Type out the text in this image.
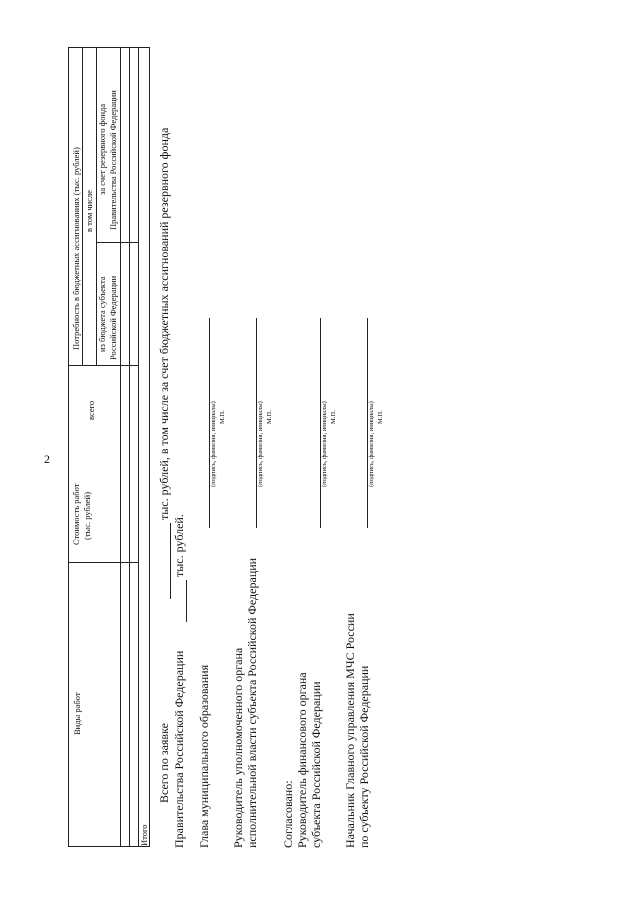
2
Виды работ
Стоимость работ (тыс. рублей)
Потребность в бюджетных ассигнованиях (тыс. рублей)
всего
в том числе
из бюджета субъекта Российской Федерации
за счет резервного фонда Правительства Российской Федерации
Итого
Всего по заявке
тыс. рублей, в том числе за счет бюджетных ассигнований резервного фонда
Правительства Российской Федерации
тыс. рублей.
Глава муниципального образования
(подпись, фамилия, инициалы) М.П.
Руководитель уполномоченного органа исполнительной власти субъекта Российской Федерации
(подпись, фамилия, инициалы) М.П.
Согласовано: Руководитель финансового органа субъекта Российской Федерации
(подпись, фамилия, инициалы) М.П.
Начальник Главного управления МЧС России по субъекту Российской Федерации
(подпись, фамилия, инициалы) М.П.
